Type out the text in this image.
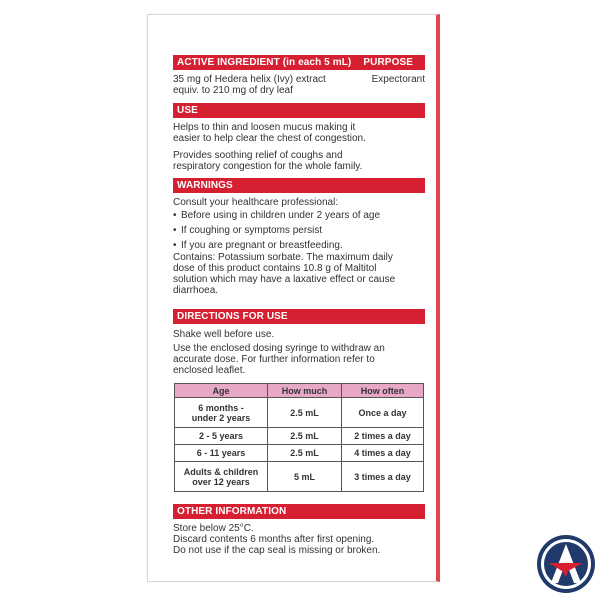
ACTIVE INGREDIENT (in each 5 mL) PURPOSE

35 mg of Hedera helix (Ivy) extract

equiv. to 210 mg of dry leaf

Expectorant

USE

Helps to thin and loosen mucus making it

easier to help clear the chest of congestion.

Provides soothing relief of coughs and

respiratory congestion for the whole family.

WARNINGS

Consult your healthcare professional:

• Before using in children under 2 years of age
• If coughing or symptoms persist
• If you are pregnant or breastfeeding.

Contains: Potassium sorbate. The maximum daily

dose of this product contains 10.8 g of Maltitol

solution which may have a laxative effect or cause

diarrhoea.

DIRECTIONS FOR USE

Shake well before use.

Use the enclosed dosing syringe to withdraw an

accurate dose. For further information refer to

enclosed leaflet.

Age	How much	How often

6 months -
under 2 years	2.5 mL	Once a day
2 - 5 years	2.5 mL	2 times a day
6 - 11 years	2.5 mL	4 times a day

Adults & children
over 12 years	5 mL	3 times a day
OTHER INFORMATION

Store below 25°C.

Discard contents 6 months after first opening.

Do not use if the cap seal is missing or broken.
